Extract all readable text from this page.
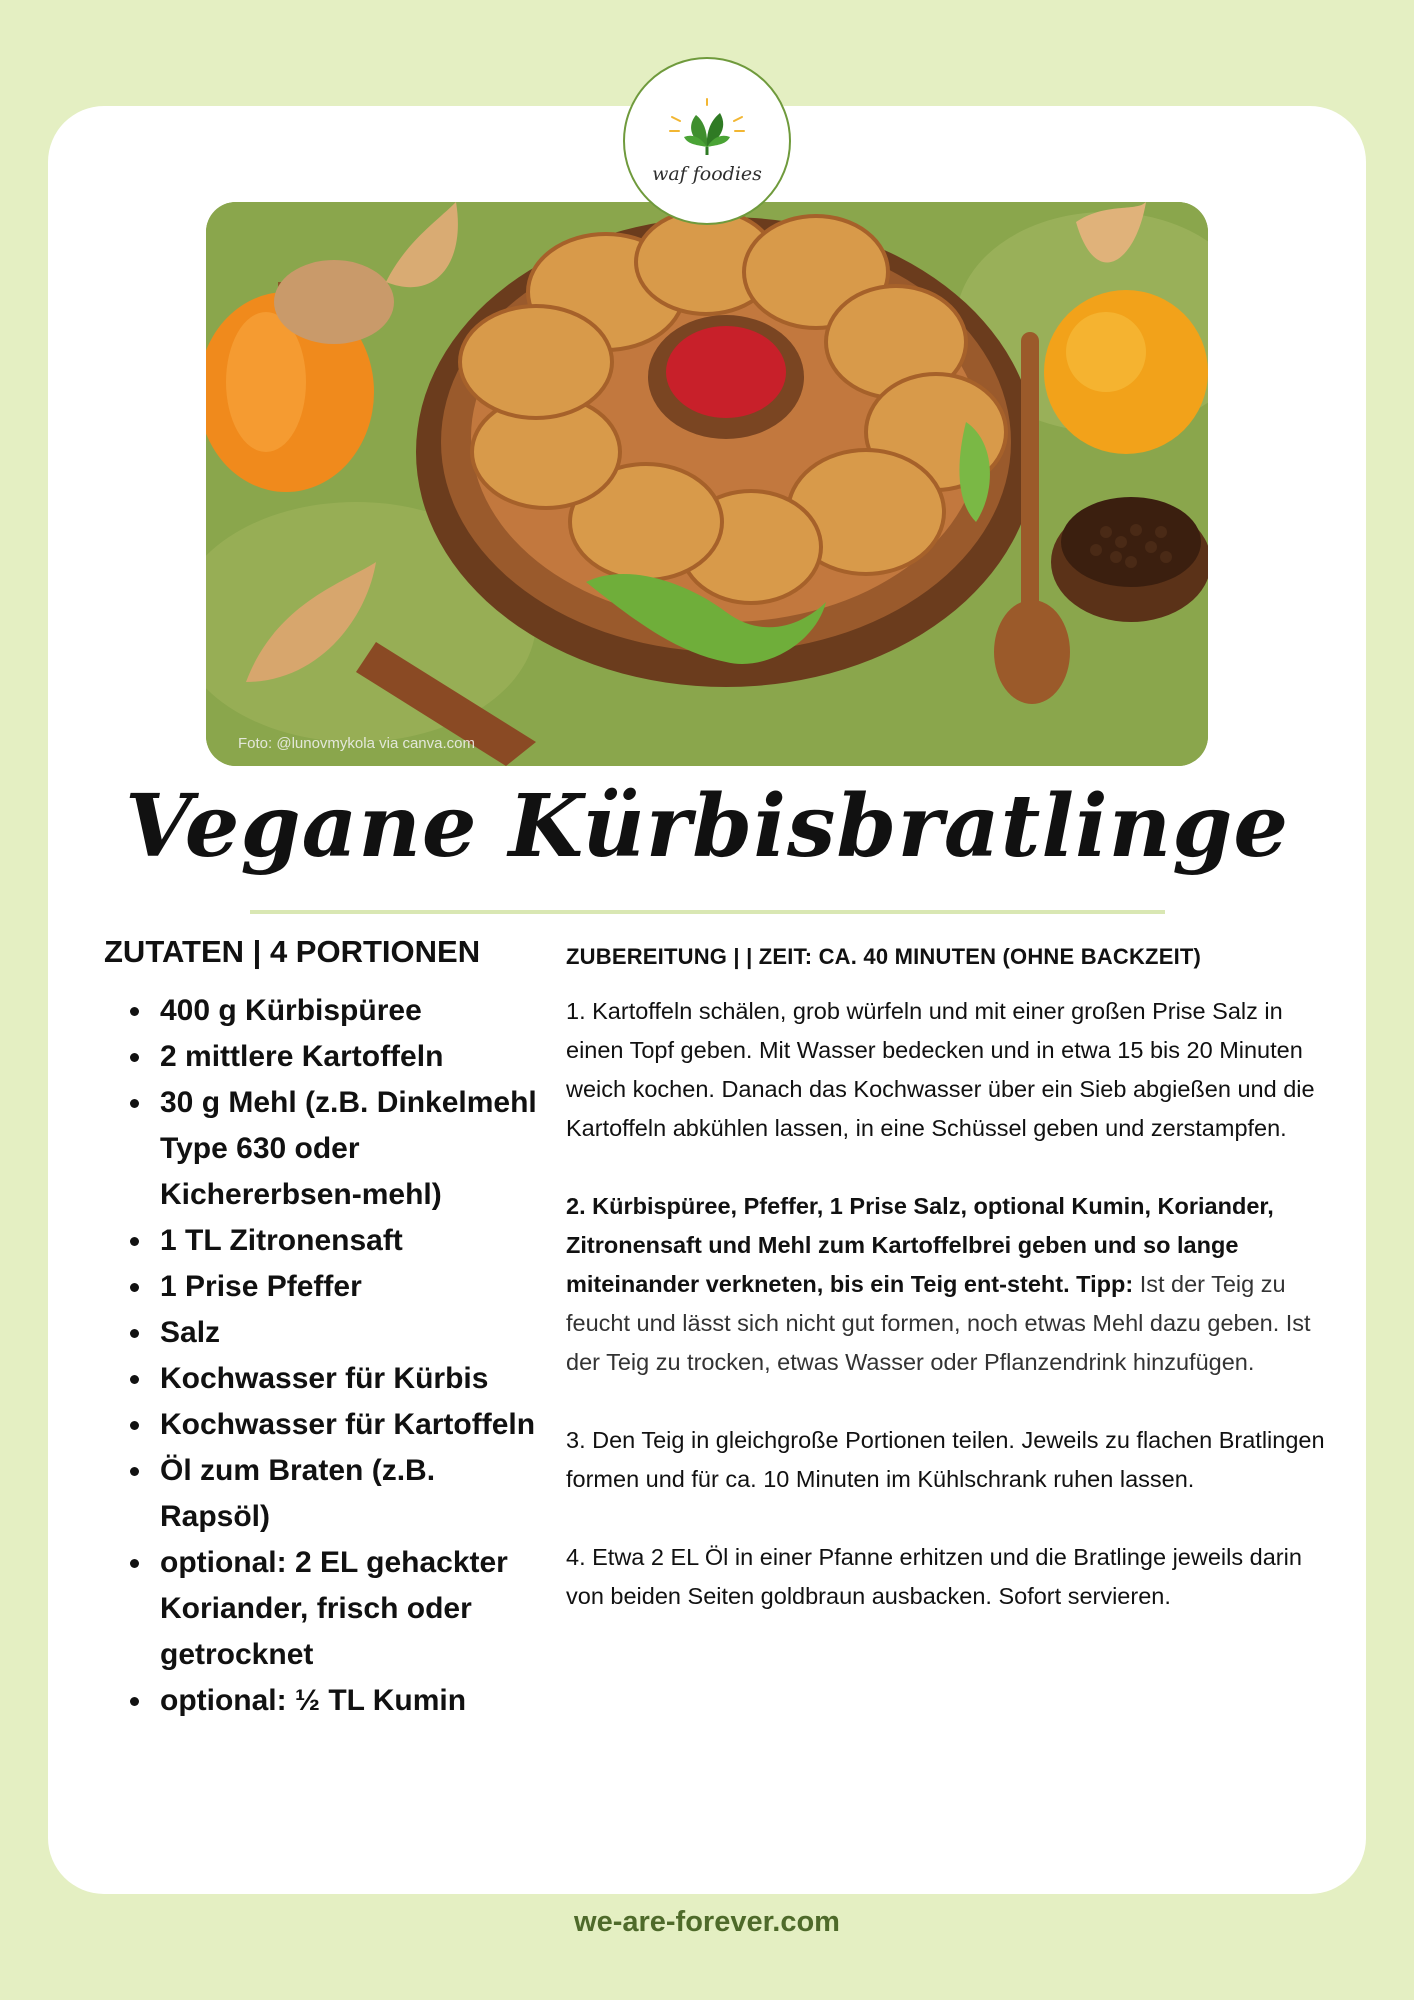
waf foodies
Foto: @lunovmykola via canva.com
Vegane Kürbisbratlinge
ZUTATEN | 4 PORTIONEN
400 g Kürbispüree
2 mittlere Kartoffeln
30 g Mehl (z.B. Dinkelmehl Type 630 oder Kichererbsen-mehl)
1 TL Zitronensaft
1 Prise Pfeffer
Salz
Kochwasser für Kürbis
Kochwasser für Kartoffeln
Öl zum Braten (z.B. Rapsöl)
optional: 2 EL gehackter Koriander, frisch oder getrocknet
optional: ½ TL Kumin
ZUBEREITUNG | | ZEIT: CA. 40 MINUTEN (OHNE BACKZEIT)

1. Kartoffeln schälen, grob würfeln und mit einer großen Prise Salz in einen Topf geben. Mit Wasser bedecken und in etwa 15 bis 20 Minuten weich kochen. Danach das Kochwasser über ein Sieb abgießen und die Kartoffeln abkühlen lassen, in eine Schüssel geben und zerstampfen.

2. Kürbispüree, Pfeffer, 1 Prise Salz, optional Kumin, Koriander, Zitronensaft und Mehl zum Kartoffelbrei geben und so lange miteinander verkneten, bis ein Teig ent-steht. Tipp: Ist der Teig zu feucht und lässt sich nicht gut formen, noch etwas Mehl dazu geben. Ist der Teig zu trocken, etwas Wasser oder Pflanzendrink hinzufügen.

3. Den Teig in gleichgroße Portionen teilen. Jeweils zu flachen Bratlingen formen und für ca. 10 Minuten im Kühlschrank ruhen lassen.

4. Etwa 2 EL Öl in einer Pfanne erhitzen und die Bratlinge jeweils darin von beiden Seiten goldbraun ausbacken. Sofort servieren.

we-are-forever.com
